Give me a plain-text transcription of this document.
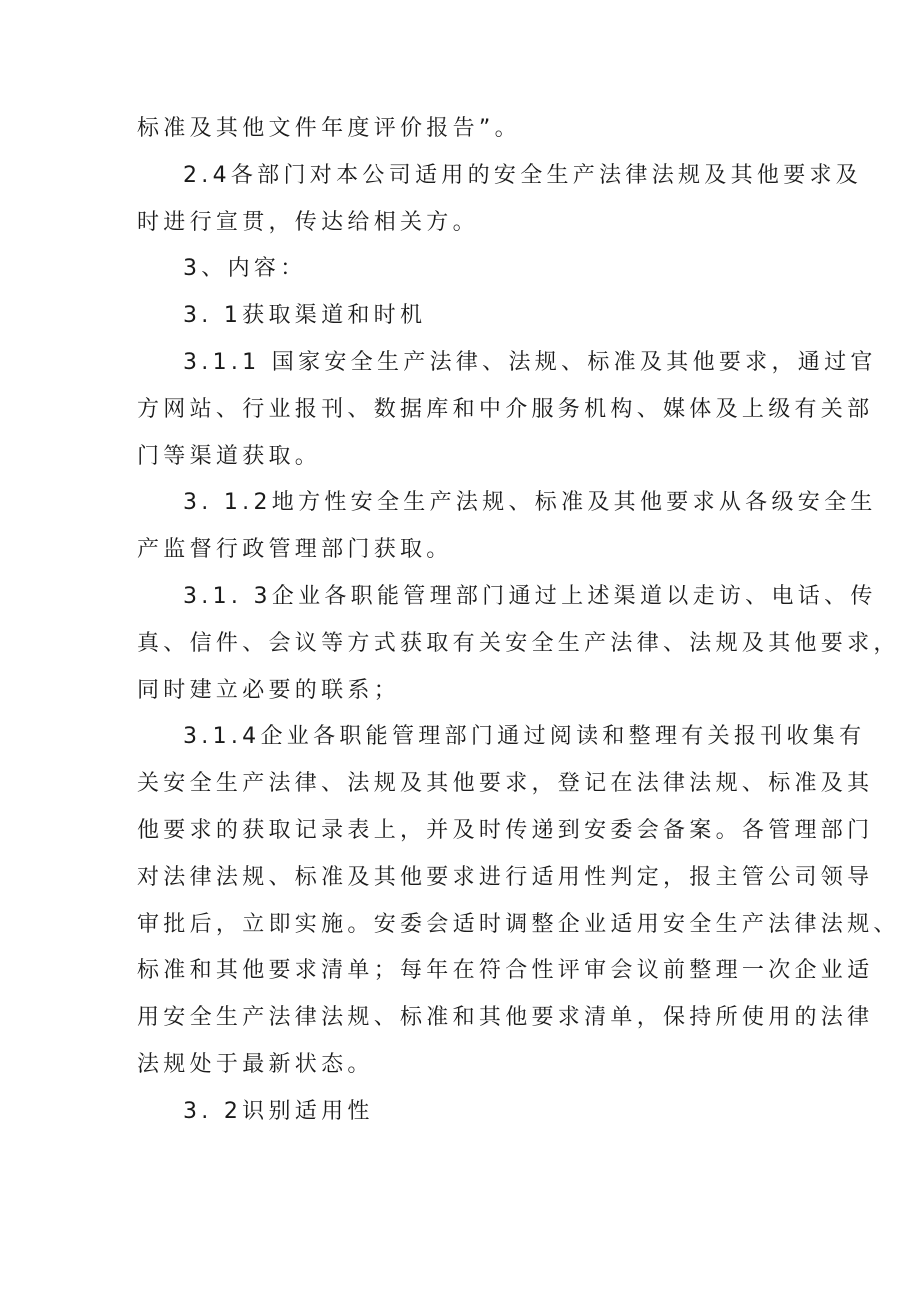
标准及其他文件年度评价报告”。

2.4各部门对本公司适用的安全生产法律法规及其他要求及
时进行宣贯，传达给相关方。

3、内容：

3. 1获取渠道和时机

3.1.1 国家安全生产法律、法规、标准及其他要求，通过官
方网站、行业报刊、数据库和中介服务机构、媒体及上级有关部
门等渠道获取。

3. 1.2地方性安全生产法规、标准及其他要求从各级安全生
产监督行政管理部门获取。

3.1. 3企业各职能管理部门通过上述渠道以走访、电话、传
真、信件、会议等方式获取有关安全生产法律、法规及其他要求，
同时建立必要的联系；

3.1.4企业各职能管理部门通过阅读和整理有关报刊收集有
关安全生产法律、法规及其他要求，登记在法律法规、标准及其
他要求的获取记录表上，并及时传递到安委会备案。各管理部门
对法律法规、标准及其他要求进行适用性判定，报主管公司领导
审批后，立即实施。安委会适时调整企业适用安全生产法律法规、
标准和其他要求清单；每年在符合性评审会议前整理一次企业适
用安全生产法律法规、标准和其他要求清单，保持所使用的法律
法规处于最新状态。

3. 2识别适用性
